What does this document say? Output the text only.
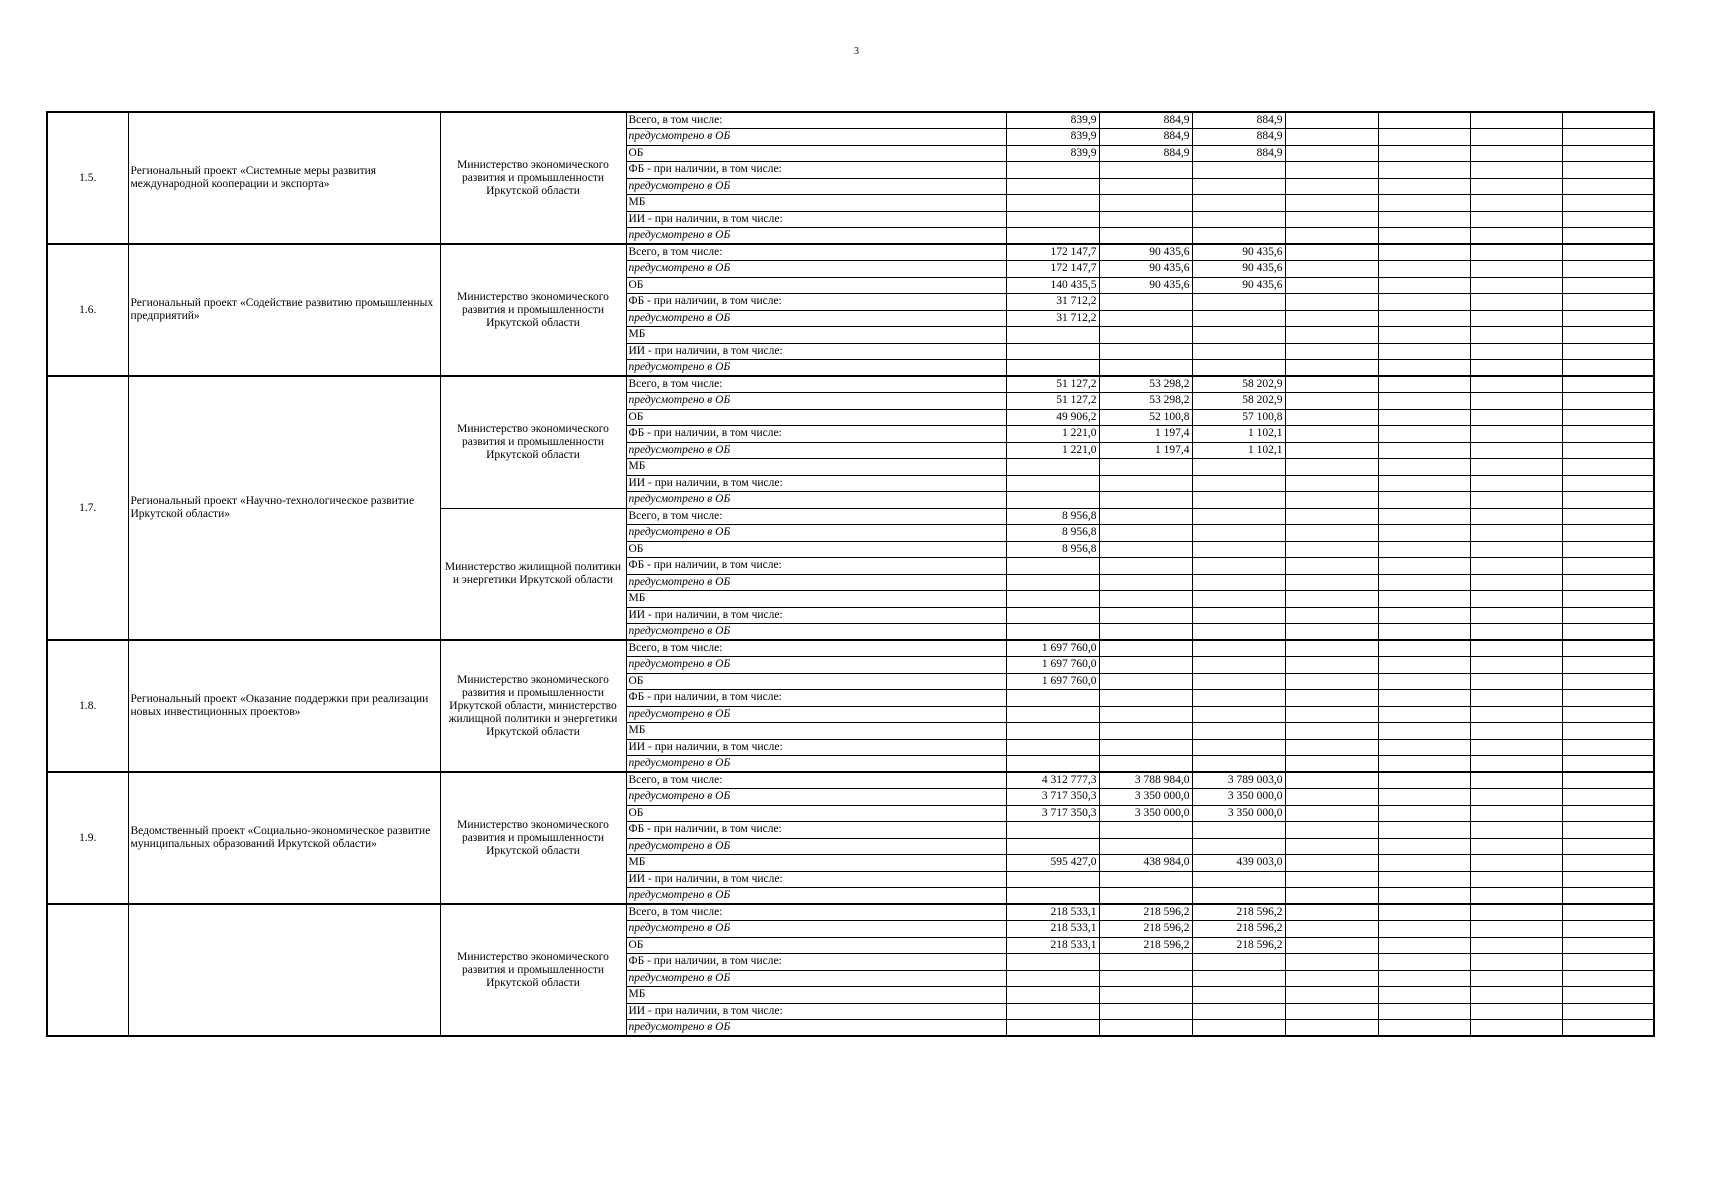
3
1.5.	Региональный проект «Системные меры развития международной кооперации и экспорта»	Министерство экономического развития и промышленности Иркутской области	Всего, в том числе:	839,9	884,9	884,9				
			предусмотрено в ОБ	839,9	884,9	884,9				
			ОБ	839,9	884,9	884,9				
			ФБ - при наличии, в том числе:							
			предусмотрено в ОБ							
			МБ							
			ИИ - при наличии, в том числе:							
			предусмотрено в ОБ							
1.6.	Региональный проект «Содействие развитию промышленных предприятий»	Министерство экономического развития и промышленности Иркутской области	Всего, в том числе:	172 147,7	90 435,6	90 435,6				
			предусмотрено в ОБ	172 147,7	90 435,6	90 435,6				
			ОБ	140 435,5	90 435,6	90 435,6				
			ФБ - при наличии, в том числе:	31 712,2						
			предусмотрено в ОБ	31 712,2						
			МБ							
			ИИ - при наличии, в том числе:							
			предусмотрено в ОБ							
1.7.	Региональный проект «Научно-технологическое развитие Иркутской области»	Министерство экономического развития и промышленности Иркутской области	Всего, в том числе:	51 127,2	53 298,2	58 202,9				
			предусмотрено в ОБ	51 127,2	53 298,2	58 202,9				
			ОБ	49 906,2	52 100,8	57 100,8				
			ФБ - при наличии, в том числе:	1 221,0	1 197,4	1 102,1				
			предусмотрено в ОБ	1 221,0	1 197,4	1 102,1				
			МБ							
			ИИ - при наличии, в том числе:							
			предусмотрено в ОБ							
		Министерство жилищной политики и энергетики Иркутской области	Всего, в том числе:	8 956,8						
			предусмотрено в ОБ	8 956,8						
			ОБ	8 956,8						
			ФБ - при наличии, в том числе:							
			предусмотрено в ОБ							
			МБ							
			ИИ - при наличии, в том числе:							
			предусмотрено в ОБ							
1.8.	Региональный проект «Оказание поддержки при реализации новых инвестиционных проектов»	Министерство экономического развития и промышленности Иркутской области, министерство жилищной политики и энергетики Иркутской области	Всего, в том числе:	1 697 760,0						
			предусмотрено в ОБ	1 697 760,0						
			ОБ	1 697 760,0						
			ФБ - при наличии, в том числе:							
			предусмотрено в ОБ							
			МБ							
			ИИ - при наличии, в том числе:							
			предусмотрено в ОБ							
1.9.	Ведомственный проект «Социально-экономическое развитие муниципальных образований Иркутской области»	Министерство экономического развития и промышленности Иркутской области	Всего, в том числе:	4 312 777,3	3 788 984,0	3 789 003,0				
			предусмотрено в ОБ	3 717 350,3	3 350 000,0	3 350 000,0				
			ОБ	3 717 350,3	3 350 000,0	3 350 000,0				
			ФБ - при наличии, в том числе:							
			предусмотрено в ОБ							
			МБ	595 427,0	438 984,0	439 003,0				
			ИИ - при наличии, в том числе:							
			предусмотрено в ОБ							
		Министерство экономического развития и промышленности Иркутской области	Всего, в том числе:	218 533,1	218 596,2	218 596,2				
			предусмотрено в ОБ	218 533,1	218 596,2	218 596,2				
			ОБ	218 533,1	218 596,2	218 596,2				
			ФБ - при наличии, в том числе:							
			предусмотрено в ОБ							
			МБ							
			ИИ - при наличии, в том числе:							
			предусмотрено в ОБ							
